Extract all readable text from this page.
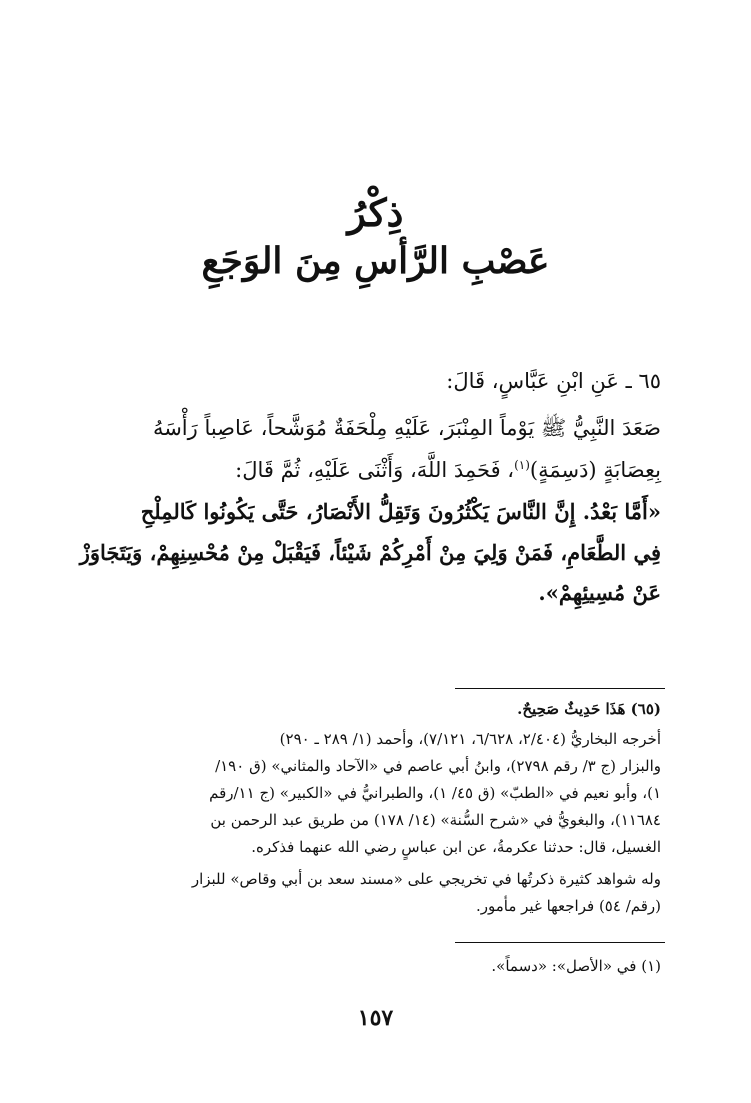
ذِكْرُ
عَصْبِ الرَّأسِ مِنَ الوَجَعِ
٦٥ ـ عَنِ ابْنِ عَبَّاسٍ، قَالَ:
صَعَدَ النَّبِيُّ ﷺ يَوْماً المِنْبَرَ، عَلَيْهِ مِلْحَفَةٌ مُوَشَّحاً، عَاصِباً رَأْسَهُ
بِعِصَابَةٍ (دَسِمَةٍ)$^{(١)}$، فَحَمِدَ اللَّهَ، وَأَثْنَى عَلَيْهِ، ثُمَّ قَالَ:
«أَمَّا بَعْدُ. إِنَّ النَّاسَ يَكْثُرُونَ وَتَقِلُّ الأَنْصَارُ، حَتَّى يَكُونُوا كَالمِلْحِ
فِي الطَّعَامِ، فَمَنْ وَلِيَ مِنْ أَمْرِكُمْ شَيْئاً، فَيَقْبَلْ مِنْ مُحْسِنِهِمْ، وَيَتَجَاوَزْ
عَنْ مُسِيئِهِمْ».
(٦٥) هَذَا حَدِيثٌ صَحِيحٌ.
أخرجه البخاريُّ (٢/٤٠٤، ٦/٦٢٨، ٧/١٢١)، وأحمد (١/ ٢٨٩ ـ ٢٩٠)
والبزار (ج ٣/ رقم ٢٧٩٨)، وابنُ أبي عاصم في «الآحاد والمثاني» (ق ١٩٠/
١)، وأبو نعيم في «الطبّ» (ق ٤٥/ ١)، والطبرانيُّ في «الكبير» (ج ١١/رقم
١١٦٨٤)، والبغويُّ في «شرح السُّنة» (١٤/ ١٧٨) من طريق عبد الرحمن بن
الغسيل، قال: حدثنا عكرمةُ، عن ابن عباسٍ رضي الله عنهما فذكره.
وله شواهد كثيرة ذكرتُها في تخريجي على «مسند سعد بن أبي وقاص» للبزار
(رقم/ ٥٤) فراجعها غير مأمور.
(١) في «الأصل»: «دسماً».
١٥٧
